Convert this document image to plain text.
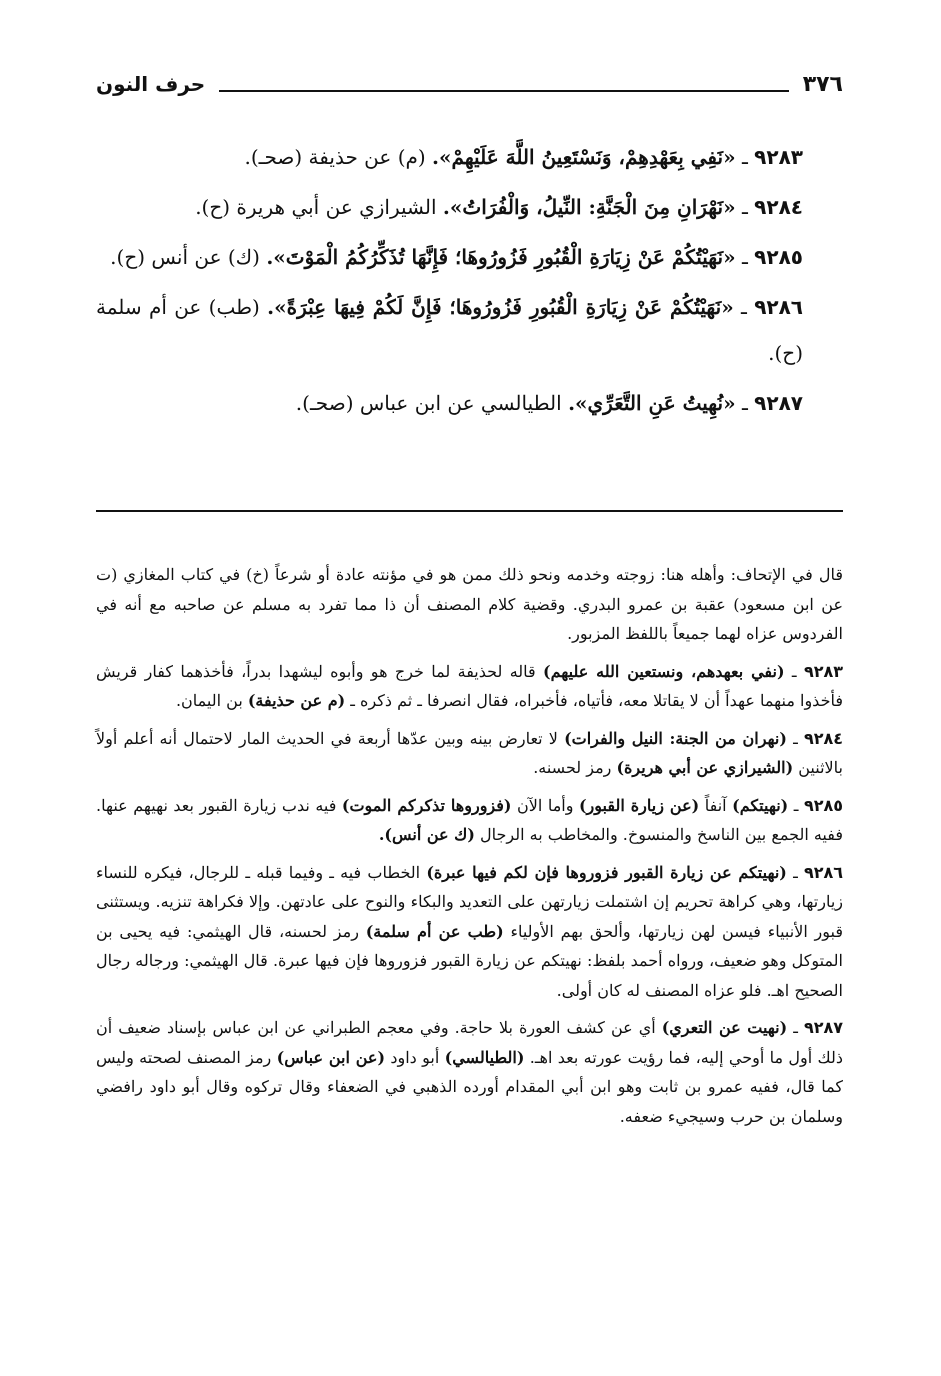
٣٧٦
حرف النون

٩٢٨٣ ـ «نَفِي بِعَهْدِهِمْ، وَنَسْتَعِينُ اللَّهَ عَلَيْهِمْ». (م) عن حذيفة (صحـ).

٩٢٨٤ ـ «نَهْرَانِ مِنَ الْجَنَّةِ: النِّيلُ، وَالْفُرَاتُ». الشيرازي عن أبي هريرة (ح).

٩٢٨٥ ـ «نَهَيْتُكُمْ عَنْ زِيَارَةِ الْقُبُورِ فَزُورُوهَا؛ فَإِنَّهَا تُذَكِّرُكُمُ الْمَوْتَ». (ك) عن أنس (ح).

٩٢٨٦ ـ «نَهَيْتُكُمْ عَنْ زِيَارَةِ الْقُبُورِ فَزُورُوهَا؛ فَإِنَّ لَكُمْ فِيهَا عِبْرَةً». (طب) عن أم سلمة (ح).

٩٢٨٧ ـ «نُهِيتُ عَنِ التَّعَرِّي». الطيالسي عن ابن عباس (صحـ).

قال في الإتحاف: وأهله هنا: زوجته وخدمه ونحو ذلك ممن هو في مؤنته عادة أو شرعاً (خ) في كتاب المغازي (ت عن ابن مسعود) عقبة بن عمرو البدري. وقضية كلام المصنف أن ذا مما تفرد به مسلم عن صاحبه مع أنه في الفردوس عزاه لهما جميعاً باللفظ المزبور.

٩٢٨٣ ـ (نفي بعهدهم، ونستعين الله عليهم) قاله لحذيفة لما خرج هو وأبوه ليشهدا بدراً، فأخذهما كفار قريش فأخذوا منهما عهداً أن لا يقاتلا معه، فأتياه، فأخبراه، فقال انصرفا ـ ثم ذكره ـ (م عن حذيفة) بن اليمان.

٩٢٨٤ ـ (نهران من الجنة: النيل والفرات) لا تعارض بينه وبين عدّها أربعة في الحديث المار لاحتمال أنه أعلم أولاً بالاثنين (الشيرازي عن أبي هريرة) رمز لحسنه.

٩٢٨٥ ـ (نهيتكم) آنفاً (عن زيارة القبور) وأما الآن (فزوروها تذكركم الموت) فيه ندب زيارة القبور بعد نهيهم عنها. ففيه الجمع بين الناسخ والمنسوخ. والمخاطب به الرجال (ك عن أنس).

٩٢٨٦ ـ (نهيتكم عن زيارة القبور فزوروها فإن لكم فيها عبرة) الخطاب فيه ـ وفيما قبله ـ للرجال، فيكره للنساء زيارتها، وهي كراهة تحريم إن اشتملت زيارتهن على التعديد والبكاء والنوح على عادتهن. وإلا فكراهة تنزيه. ويستثنى قبور الأنبياء فيسن لهن زيارتها، وألحق بهم الأولياء (طب عن أم سلمة) رمز لحسنه، قال الهيثمي: فيه يحيى بن المتوكل وهو ضعيف، ورواه أحمد بلفظ: نهيتكم عن زيارة القبور فزوروها فإن فيها عبرة. قال الهيثمي: ورجاله رجال الصحيح اهـ. فلو عزاه المصنف له كان أولى.

٩٢٨٧ ـ (نهيت عن التعري) أي عن كشف العورة بلا حاجة. وفي معجم الطبراني عن ابن عباس بإسناد ضعيف أن ذلك أول ما أوحي إليه، فما رؤيت عورته بعد اهـ. (الطيالسي) أبو داود (عن ابن عباس) رمز المصنف لصحته وليس كما قال، ففيه عمرو بن ثابت وهو ابن أبي المقدام أورده الذهبي في الضعفاء وقال تركوه وقال أبو داود رافضي وسلمان بن حرب وسيجيء ضعفه.
